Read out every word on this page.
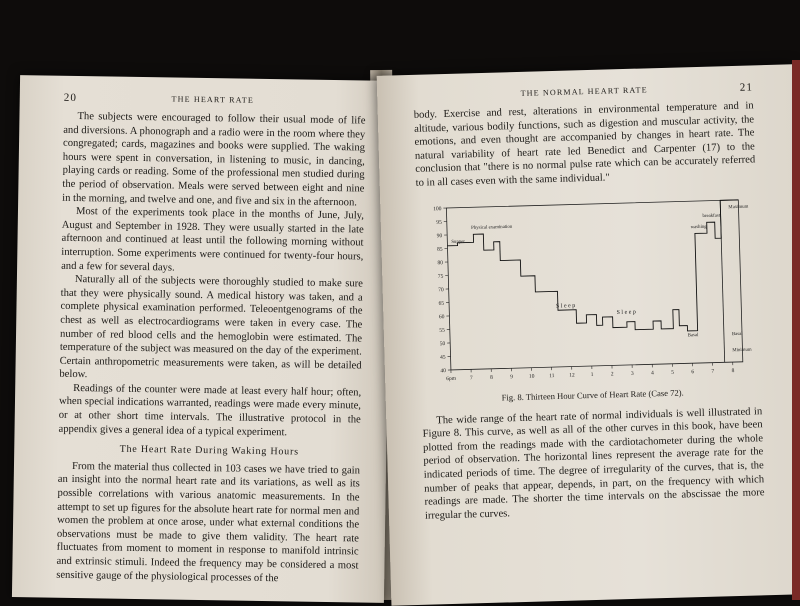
20	THE HEART RATE

The subjects were encouraged to follow their usual mode of life and diversions. A phonograph and a radio were in the room where they congregated; cards, magazines and books were supplied. The waking hours were spent in conversation, in listening to music, in dancing, playing cards or reading. Some of the professional men studied during the period of observation. Meals were served between eight and nine in the morning, and twelve and one, and five and six in the afternoon.

Most of the experiments took place in the months of June, July, August and September in 1928. They were usually started in the late afternoon and continued at least until the following morning without interruption. Some experiments were continued for twenty-four hours, and a few for several days.

Naturally all of the subjects were thoroughly studied to make sure that they were physically sound. A medical history was taken, and a complete physical examination performed. Teleoentgenograms of the chest as well as electrocardiograms were taken in every case. The number of red blood cells and the hemoglobin were estimated. The temperature of the subject was measured on the day of the experiment. Certain anthropometric measurements were taken, as will be detailed below.

Readings of the counter were made at least every half hour; often, when special indications warranted, readings were made every minute, or at other short time intervals. The illustrative protocol in the appendix gives a general idea of a typical experiment.

The Heart Rate During Waking Hours

From the material thus collected in 103 cases we have tried to gain an insight into the normal heart rate and its variations, as well as its possible correlations with various anatomic measurements. In the attempt to set up figures for the absolute heart rate for normal men and women the problem at once arose, under what external conditions the observations must be made to give them validity. The heart rate fluctuates from moment to moment in response to manifold intrinsic and extrinsic stimuli. Indeed the frequency may be considered a most sensitive gauge of the physiological processes of the

THE NORMAL HEART RATE	21

body. Exercise and rest, alterations in environmental temperature and in altitude, various bodily functions, such as digestion and muscular activity, the emotions, and even thought are accompanied by changes in heart rate. The natural variability of heart rate led Benedict and Carpenter (17) to the conclusion that "there is no normal pulse rate which can be accurately referred to in all cases even with the same individual."

40
45
50
55
60
65
70
75
80
85
90
95
100
6pm 7	8	9	10	11	12	1	2	3	4	5	6	7	8
Supper
Physical examination
Sleep
Sleep
Basal
washing
breakfast
Maximum
Basal
Minimum
Fig. 8. Thirteen Hour Curve of Heart Rate (Case 72).

The wide range of the heart rate of normal individuals is well illustrated in Figure 8. This curve, as well as all of the other curves in this book, have been plotted from the readings made with the cardiotachometer during the whole period of observation. The horizontal lines represent the average rate for the indicated periods of time. The degree of irregularity of the curves, that is, the number of peaks that appear, depends, in part, on the frequency with which readings are made. The shorter the time intervals on the abscissae the more irregular the curves.
